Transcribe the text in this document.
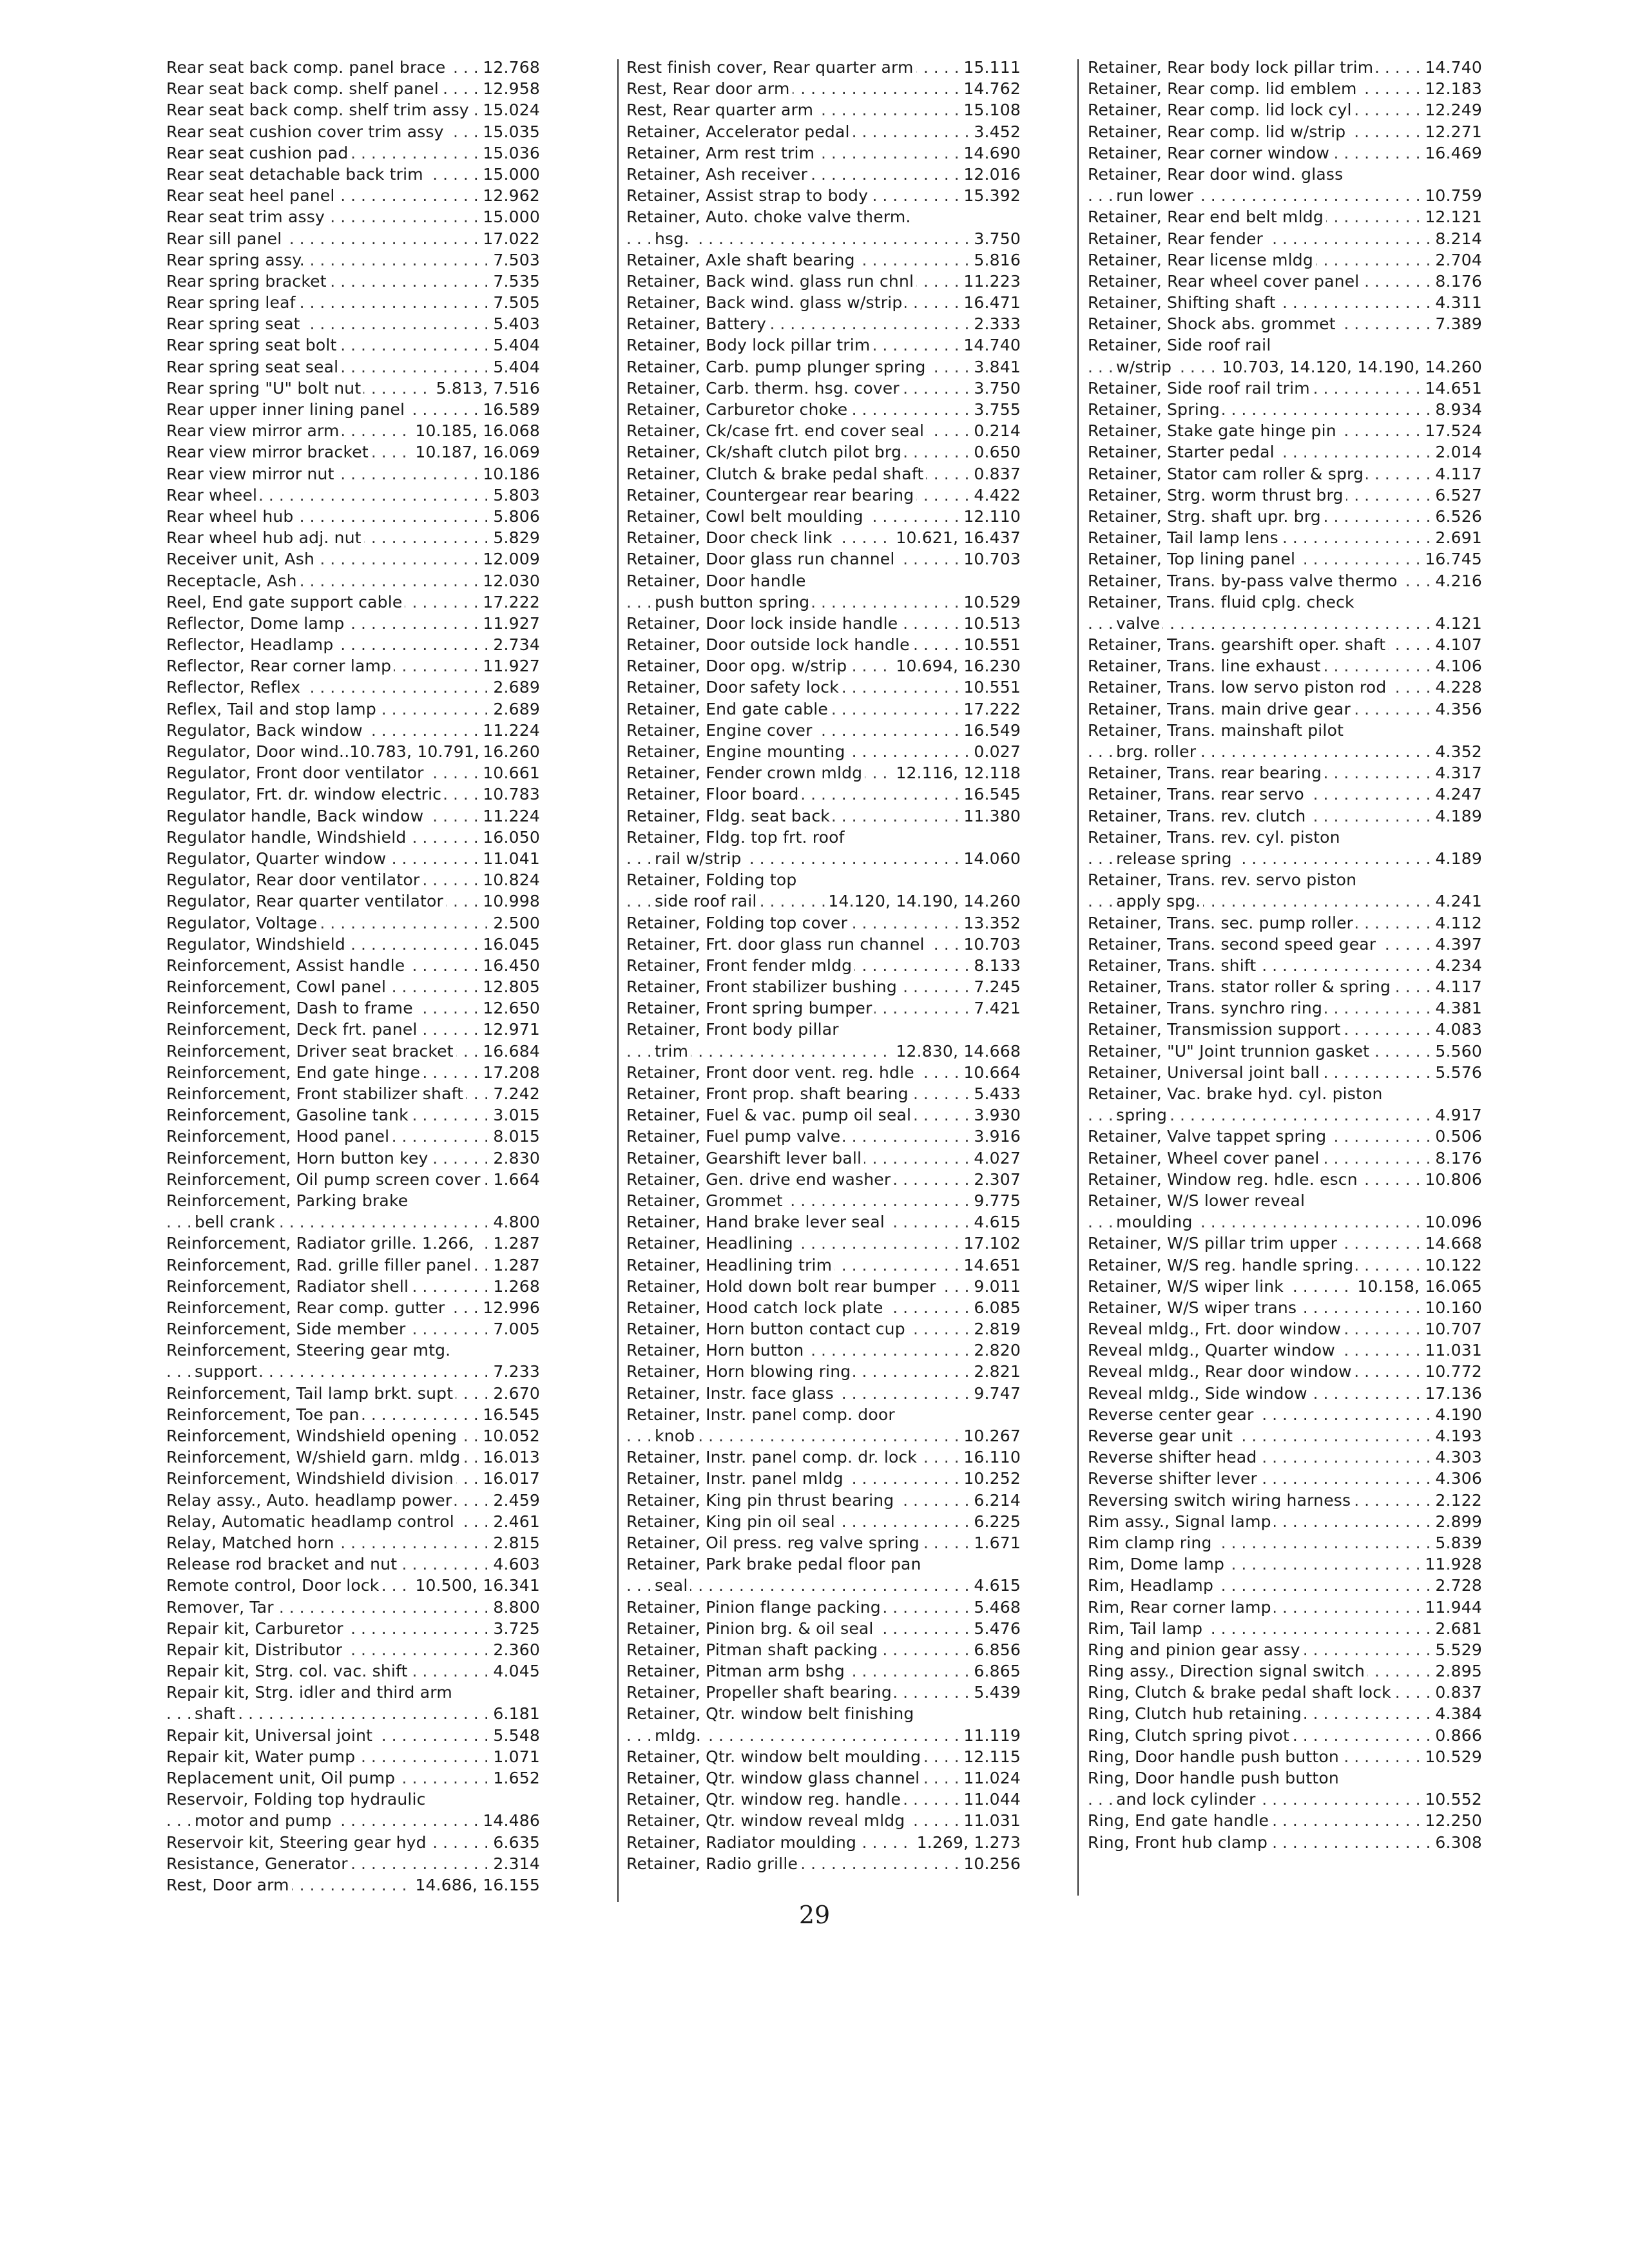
. . .
Rear seat back comp. panel brace 12.768
. . .
Rear seat back comp. shelf panel	12.958
. . .
Rear seat back comp. shelf trim assy 15.024
. . .
Rear seat cushion cover trim assy 15.035
. . .
Rear seat cushion pad	15.036
. . .
Rear seat detachable back trim	15.000
. . .
Rear seat heel panel	12.962
. . .
Rear seat trim assy	15.000
. . .
Rear sill panel	17.022
. . .
Rear spring assy.	7.503
. . .
Rear spring bracket	7.535
. . .
Rear spring leaf	7.505
. . .
Rear spring seat	5.403
. . .
Rear spring seat bolt	5.404
. . .
Rear spring seat seal	5.404
. . .
Rear spring "U" bolt nut	5.813, 7.516
. . .
Rear upper inner lining panel	16.589
. . .
Rear view mirror arm	10.185, 16.068
. . .
Rear view mirror bracket	10.187, 16.069
. . .
Rear view mirror nut	10.186
. . .
Rear wheel	5.803
. . .
Rear wheel hub	5.806
. . .
Rear wheel hub adj. nut	5.829
. . .
Receiver unit, Ash	12.009
. . .
Receptacle, Ash	12.030
. . .
Reel, End gate support cable	17.222
. . .
Reflector, Dome lamp	11.927
. . .
Reflector, Headlamp	2.734
. . .
Reflector, Rear corner lamp	11.927
. . .
Reflector, Reflex	2.689
. . .
Reflex, Tail and stop lamp	2.689
. . .
Regulator, Back window	11.224
. . .
Regulator, Door wind..10.783, 10.791, 16.260
. . .
Regulator, Front door ventilator	10.661
. . .
Regulator, Frt. dr. window electric	10.783
. . .
Regulator handle, Back window	11.224
. . .
Regulator handle, Windshield	16.050
. . .
Regulator, Quarter window	11.041
. . .
Regulator, Rear door ventilator	10.824
. . .
Regulator, Rear quarter ventilator 10.998
. . .
Regulator, Voltage	2.500
. . .
Regulator, Windshield	16.045
. . .
Reinforcement, Assist handle	16.450
. . .
Reinforcement, Cowl panel	12.805
. . .
Reinforcement, Dash to frame	12.650
. . .
Reinforcement, Deck frt. panel	12.971
. . .
Reinforcement, Driver seat bracket 16.684
. . .
Reinforcement, End gate hinge	17.208
. . .
Reinforcement, Front stabilizer shaft 7.242
. . .
Reinforcement, Gasoline tank	3.015
. . .
Reinforcement, Hood panel	8.015
. . .
Reinforcement, Horn button key	2.830
. . .
Reinforcement, Oil pump screen cover 1.664
Reinforcement, Parking brake
. . .
bell crank	4.800
. . .
Reinforcement, Radiator grille. 1.266, 1.287
. . .
Reinforcement, Rad. grille filler panel 1.287
. . .
Reinforcement, Radiator shell	1.268
. . .
Reinforcement, Rear comp. gutter 12.996
. . .
Reinforcement, Side member	7.005
Reinforcement, Steering gear mtg.
. . .
support	7.233
. . .
Reinforcement, Tail lamp brkt. supt 2.670
. . .
Reinforcement, Toe pan	16.545
. . .
Reinforcement, Windshield opening 10.052
. . .
Reinforcement, W/shield garn. mldg 16.013
. . .
Reinforcement, Windshield division 16.017
. . .
Relay assy., Auto. headlamp power	2.459
. . .
Relay, Automatic headlamp control 2.461
. . .
Relay, Matched horn	2.815
. . .
Release rod bracket and nut	4.603
. . .
Remote control, Door lock 10.500, 16.341
. . .
Remover, Tar	8.800
. . .
Repair kit, Carburetor	3.725
. . .
Repair kit, Distributor	2.360
. . .
Repair kit, Strg. col. vac. shift	4.045
Repair kit, Strg. idler and third arm
. . .
shaft	6.181
. . .
Repair kit, Universal joint	5.548
. . .
Repair kit, Water pump	1.071
. . .
Replacement unit, Oil pump	1.652
Reservoir, Folding top hydraulic
. . .
motor and pump	14.486
. . .
Reservoir kit, Steering gear hyd	6.635
. . .
Resistance, Generator	2.314
. . .
Rest, Door arm	14.686, 16.155
. . .
Rest finish cover, Rear quarter arm	15.111
. . .
Rest, Rear door arm	14.762
. . .
Rest, Rear quarter arm	15.108
. . .
Retainer, Accelerator pedal	3.452
. . .
Retainer, Arm rest trim	14.690
. . .
Retainer, Ash receiver	12.016
. . .
Retainer, Assist strap to body	15.392
Retainer, Auto. choke valve therm.
. . .
hsg.	3.750
. . .
Retainer, Axle shaft bearing	5.816
. . .
Retainer, Back wind. glass run chnl	11.223
. . .
Retainer, Back wind. glass w/strip	16.471
. . .
Retainer, Battery	2.333
. . .
Retainer, Body lock pillar trim	14.740
. . .
Retainer, Carb. pump plunger spring	3.841
. . .
Retainer, Carb. therm. hsg. cover	3.750
. . .
Retainer, Carburetor choke	3.755
. . .
Retainer, Ck/case frt. end cover seal	0.214
. . .
Retainer, Ck/shaft clutch pilot brg	0.650
. . .
Retainer, Clutch & brake pedal shaft	0.837
. . .
Retainer, Countergear rear bearing	4.422
. . .
Retainer, Cowl belt moulding	12.110
. . .
Retainer, Door check link	10.621, 16.437
. . .
Retainer, Door glass run channel	10.703
Retainer, Door handle
. . .
push button spring	10.529
. . .
Retainer, Door lock inside handle	10.513
. . .
Retainer, Door outside lock handle	10.551
. . .
Retainer, Door opg. w/strip	10.694, 16.230
. . .
Retainer, Door safety lock	10.551
. . .
Retainer, End gate cable	17.222
. . .
Retainer, Engine cover	16.549
. . .
Retainer, Engine mounting	0.027
. . .
Retainer, Fender crown mldg 12.116, 12.118
. . .
Retainer, Floor board	16.545
. . .
Retainer, Fldg. seat back	11.380
Retainer, Fldg. top frt. roof
. . .
rail w/strip	14.060
Retainer, Folding top
. . .
side roof rail	14.120, 14.190, 14.260
. . .
Retainer, Folding top cover	13.352
. . .
Retainer, Frt. door glass run channel 10.703
. . .
Retainer, Front fender mldg	8.133
. . .
Retainer, Front stabilizer bushing	7.245
. . .
Retainer, Front spring bumper	7.421
Retainer, Front body pillar
. . .
trim	12.830, 14.668
. . .
Retainer, Front door vent. reg. hdle	10.664
. . .
Retainer, Front prop. shaft bearing	5.433
. . .
Retainer, Fuel & vac. pump oil seal	3.930
. . .
Retainer, Fuel pump valve	3.916
. . .
Retainer, Gearshift lever ball	4.027
. . .
Retainer, Gen. drive end washer	2.307
. . .
Retainer, Grommet	9.775
. . .
Retainer, Hand brake lever seal	4.615
. . .
Retainer, Headlining	17.102
. . .
Retainer, Headlining trim	14.651
. . .
Retainer, Hold down bolt rear bumper 9.011
. . .
Retainer, Hood catch lock plate	6.085
. . .
Retainer, Horn button contact cup	2.819
. . .
Retainer, Horn button	2.820
. . .
Retainer, Horn blowing ring	2.821
. . .
Retainer, Instr. face glass	9.747
Retainer, Instr. panel comp. door
. . .
knob	10.267
. . .
Retainer, Instr. panel comp. dr. lock	16.110
. . .
Retainer, Instr. panel mldg	10.252
. . .
Retainer, King pin thrust bearing	6.214
. . .
Retainer, King pin oil seal	6.225
. . .
Retainer, Oil press. reg valve spring	1.671
Retainer, Park brake pedal floor pan
. . .
seal	4.615
. . .
Retainer, Pinion flange packing	5.468
. . .
Retainer, Pinion brg. & oil seal	5.476
. . .
Retainer, Pitman shaft packing	6.856
. . .
Retainer, Pitman arm bshg	6.865
. . .
Retainer, Propeller shaft bearing	5.439
Retainer, Qtr. window belt finishing
. . .
mldg.	11.119
. . .
Retainer, Qtr. window belt moulding	12.115
. . .
Retainer, Qtr. window glass channel	11.024
. . .
Retainer, Qtr. window reg. handle	11.044
. . .
Retainer, Qtr. window reveal mldg	11.031
. . .
Retainer, Radiator moulding	1.269, 1.273
. . .
Retainer, Radio grille	10.256
. . .
Retainer, Rear body lock pillar trim	14.740
. . .
Retainer, Rear comp. lid emblem	12.183
. . .
Retainer, Rear comp. lid lock cyl	12.249
. . .
Retainer, Rear comp. lid w/strip	12.271
. . .
Retainer, Rear corner window	16.469
Retainer, Rear door wind. glass
. . .
run lower	10.759
. . .
Retainer, Rear end belt mldg	12.121
. . .
Retainer, Rear fender	8.214
. . .
Retainer, Rear license mldg	2.704
. . .
Retainer, Rear wheel cover panel	8.176
. . .
Retainer, Shifting shaft	4.311
. . .
Retainer, Shock abs. grommet	7.389
Retainer, Side roof rail
. . .
w/strip	10.703, 14.120, 14.190, 14.260
. . .
Retainer, Side roof rail trim	14.651
. . .
Retainer, Spring	8.934
. . .
Retainer, Stake gate hinge pin	17.524
. . .
Retainer, Starter pedal	2.014
. . .
Retainer, Stator cam roller & sprg	4.117
. . .
Retainer, Strg. worm thrust brg	6.527
. . .
Retainer, Strg. shaft upr. brg	6.526
. . .
Retainer, Tail lamp lens	2.691
. . .
Retainer, Top lining panel	16.745
. . .
Retainer, Trans. by-pass valve thermo 4.216
Retainer, Trans. fluid cplg. check
. . .
valve	4.121
. . .
Retainer, Trans. gearshift oper. shaft	4.107
. . .
Retainer, Trans. line exhaust	4.106
. . .
Retainer, Trans. low servo piston rod	4.228
. . .
Retainer, Trans. main drive gear	4.356
Retainer, Trans. mainshaft pilot
. . .
brg. roller	4.352
. . .
Retainer, Trans. rear bearing	4.317
. . .
Retainer, Trans. rear servo	4.247
. . .
Retainer, Trans. rev. clutch	4.189
Retainer, Trans. rev. cyl. piston
. . .
release spring	4.189
Retainer, Trans. rev. servo piston
. . .
apply spg.	4.241
. . .
Retainer, Trans. sec. pump roller	4.112
. . .
Retainer, Trans. second speed gear	4.397
. . .
Retainer, Trans. shift	4.234
. . .
Retainer, Trans. stator roller & spring	4.117
. . .
Retainer, Trans. synchro ring	4.381
. . .
Retainer, Transmission support	4.083
. . .
Retainer, "U" Joint trunnion gasket	5.560
. . .
Retainer, Universal joint ball	5.576
Retainer, Vac. brake hyd. cyl. piston
. . .
spring	4.917
. . .
Retainer, Valve tappet spring	0.506
. . .
Retainer, Wheel cover panel	8.176
. . .
Retainer, Window reg. hdle. escn	10.806
Retainer, W/S lower reveal
. . .
moulding	10.096
. . .
Retainer, W/S pillar trim upper	14.668
. . .
Retainer, W/S reg. handle spring	10.122
. . .
Retainer, W/S wiper link	10.158, 16.065
. . .
Retainer, W/S wiper trans	10.160
. . .
Reveal mldg., Frt. door window	10.707
. . .
Reveal mldg., Quarter window	11.031
. . .
Reveal mldg., Rear door window	10.772
. . .
Reveal mldg., Side window	17.136
. . .
Reverse center gear	4.190
. . .
Reverse gear unit	4.193
. . .
Reverse shifter head	4.303
. . .
Reverse shifter lever	4.306
. . .
Reversing switch wiring harness	2.122
. . .
Rim assy., Signal lamp	2.899
. . .
Rim clamp ring	5.839
. . .
Rim, Dome lamp	11.928
. . .
Rim, Headlamp	2.728
. . .
Rim, Rear corner lamp	11.944
. . .
Rim, Tail lamp	2.681
. . .
Ring and pinion gear assy	5.529
. . .
Ring assy., Direction signal switch	2.895
. . .
Ring, Clutch & brake pedal shaft lock	0.837
. . .
Ring, Clutch hub retaining	4.384
. . .
Ring, Clutch spring pivot	0.866
. . .
Ring, Door handle push button	10.529
Ring, Door handle push button
. . .
and lock cylinder	10.552
. . .
Ring, End gate handle	12.250
. . .
Ring, Front hub clamp	6.308
29
